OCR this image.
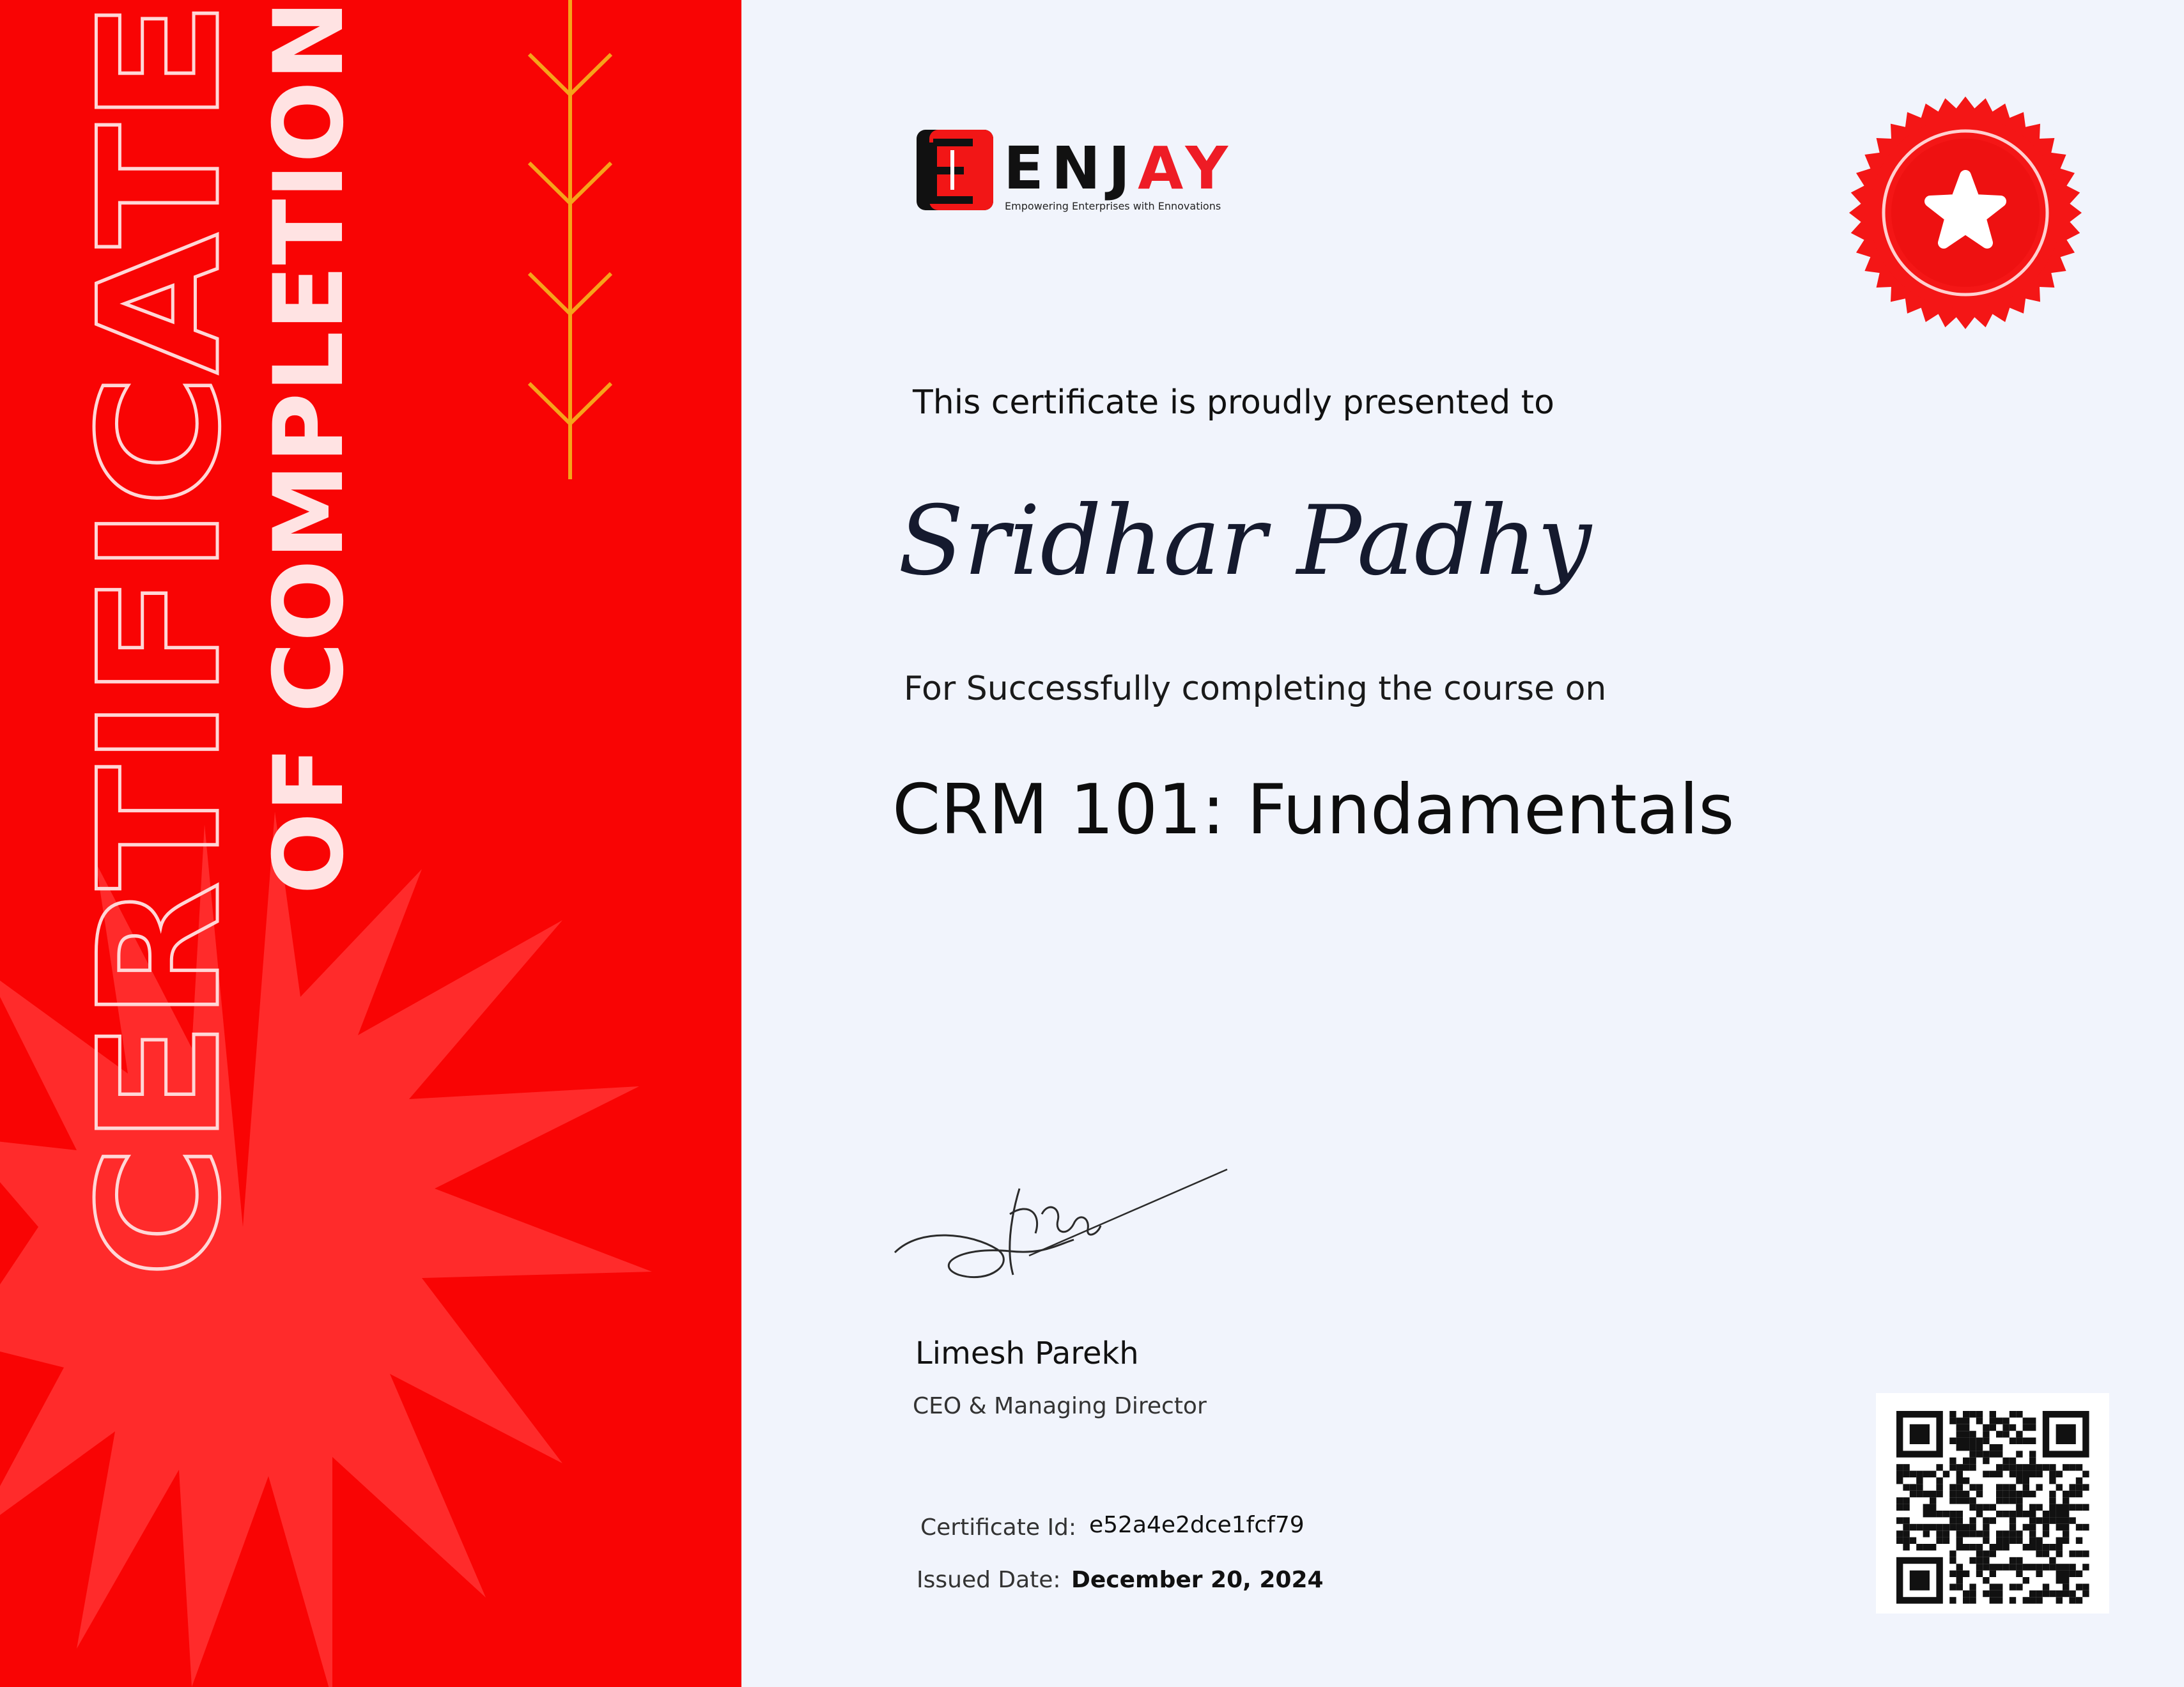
CERTIFICATE
OF COMPLETION	ENJAY
Empowering Enterprises with Ennovations
This certificate is proudly presented to
Sridhar Padhy
For Successfully completing the course on
CRM 101: Fundamentals
Limesh Parekh
CEO & Managing Director
Certificate Id: e52a4e2dce1fcf79
Issued Date: December 20, 2024
